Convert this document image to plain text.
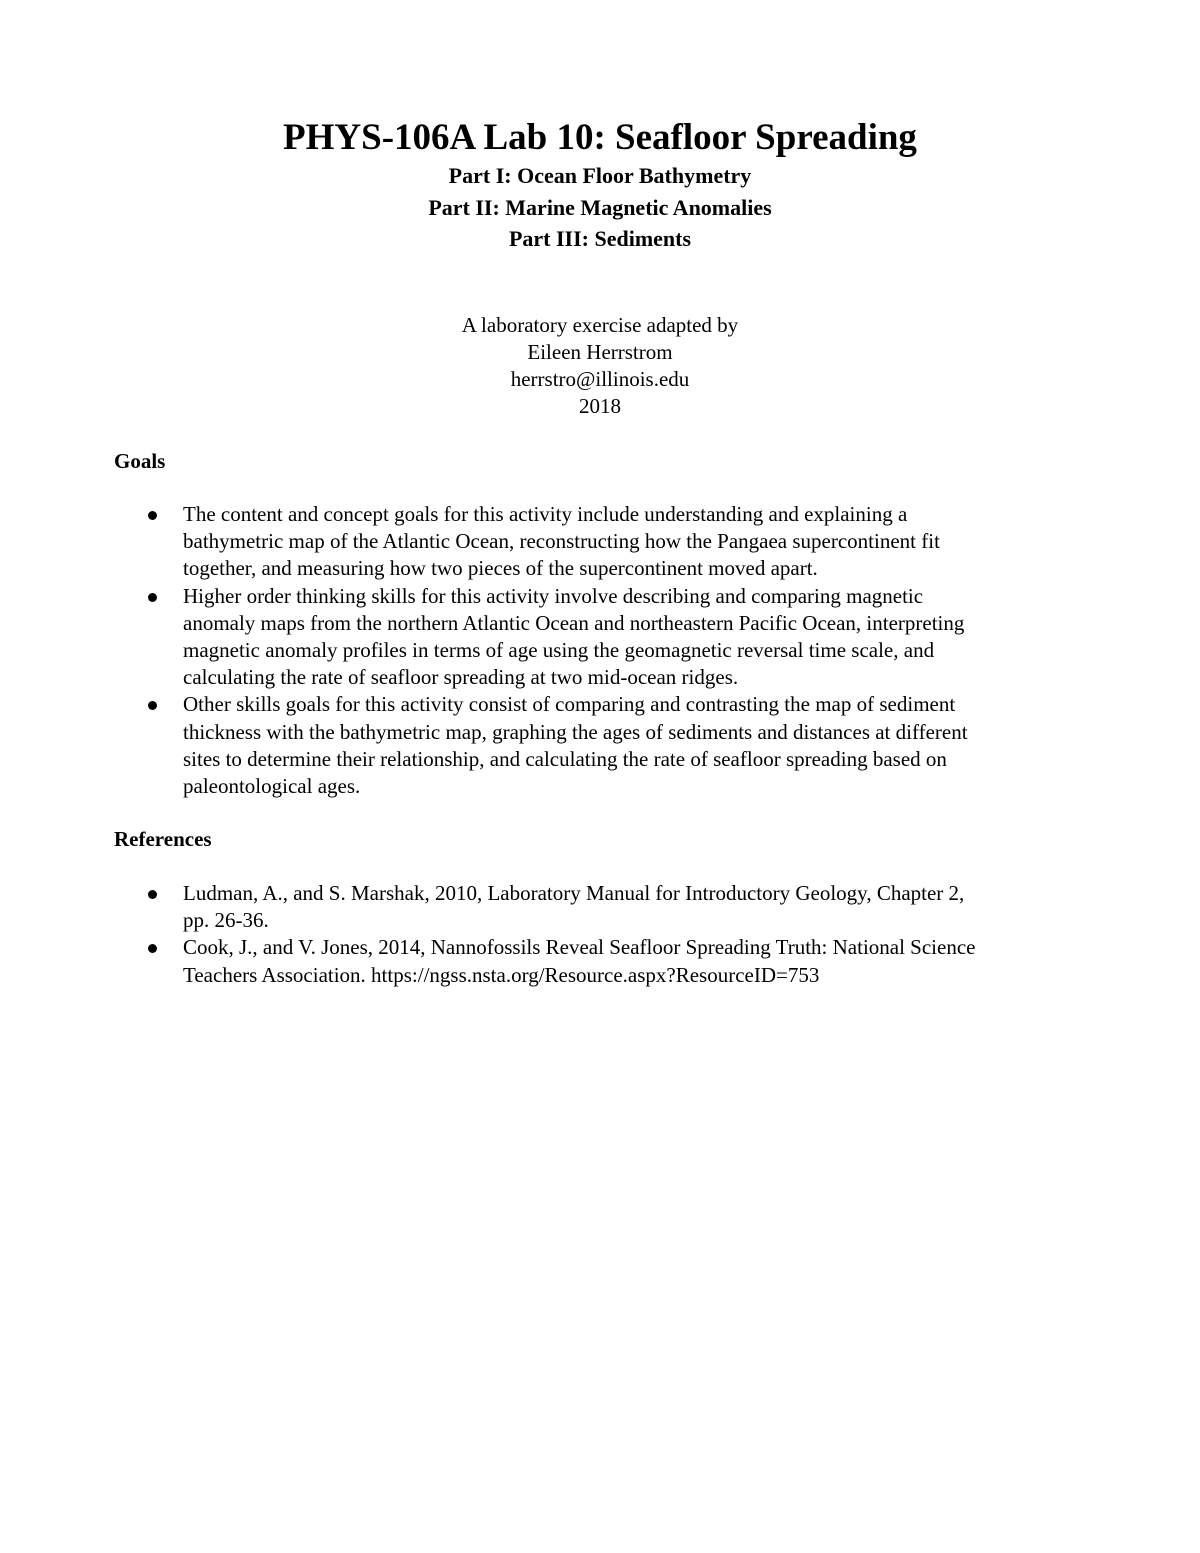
PHYS-106A Lab 10: Seafloor Spreading
Part I: Ocean Floor Bathymetry
Part II: Marine Magnetic Anomalies
Part III: Sediments
A laboratory exercise adapted by
Eileen Herrstrom
herrstro@illinois.edu
2018
Goals
The content and concept goals for this activity include understanding and explaining a
bathymetric map of the Atlantic Ocean, reconstructing how the Pangaea supercontinent fit
together, and measuring how two pieces of the supercontinent moved apart.
Higher order thinking skills for this activity involve describing and comparing magnetic
anomaly maps from the northern Atlantic Ocean and northeastern Pacific Ocean, interpreting
magnetic anomaly profiles in terms of age using the geomagnetic reversal time scale, and
calculating the rate of seafloor spreading at two mid-ocean ridges.
Other skills goals for this activity consist of comparing and contrasting the map of sediment
thickness with the bathymetric map, graphing the ages of sediments and distances at different
sites to determine their relationship, and calculating the rate of seafloor spreading based on
paleontological ages.
References
Ludman, A., and S. Marshak, 2010, Laboratory Manual for Introductory Geology, Chapter 2,
pp. 26-36.
Cook, J., and V. Jones, 2014, Nannofossils Reveal Seafloor Spreading Truth: National Science
Teachers Association. https://ngss.nsta.org/Resource.aspx?ResourceID=753
